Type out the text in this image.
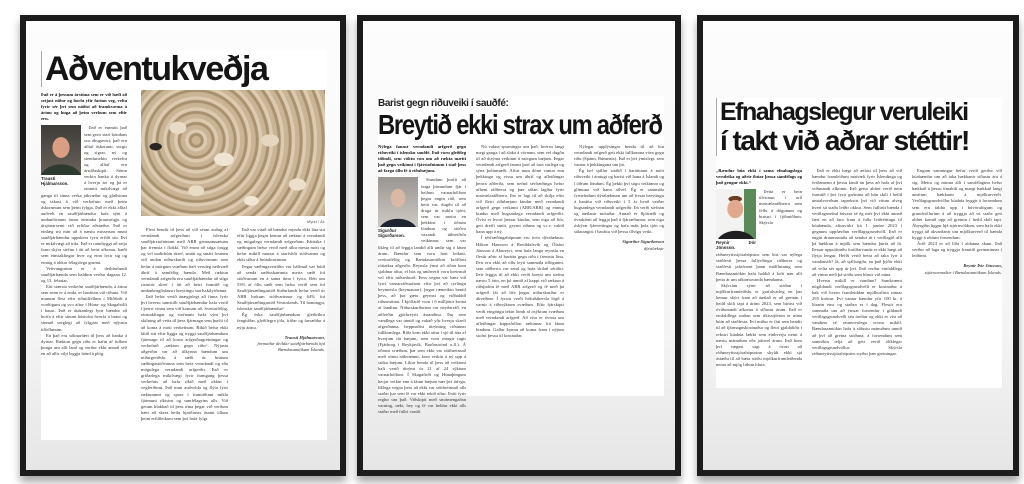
Aðventukveðja

Það er á þessum árstíma sem er við hæfi að setjast niður og horfa yfir farinn veg, velta fyrir sér því sem náðist að framkvæma á árinu og huga að þeim verkum sem eftir eru.

Trausti Hjálmarsson.

Það er einmitt það sem gerir starf bóndans svo áhugavert, það eru alltaf áskoranir, sorgir og sigrar, ný og síendurtekin verkefni og alltaf eru árstíðaskipti. Sömu verkin banka á dyrnar á hverju ári og þá er einmitt mikilvægt að ganga til sinna verka jákvæður og glaðsinna og takast á við verkefnin með þeim áskorunum sem þeim fylgja. Það er ekki alltaf auðvelt en sauðfjárbændur hafa sýnt á undanförnum árum einstaka þrautseigju og útsjónarsemi við erfiðar aðstæður. Það er einlæg trú mín að á næstu misserum muni sauðfjárbændur uppskera fyrir erfiði sitt. Því er mikilvægt að trúa. Það er raunhyggt að setja fram skýra stefnu í átt að betri afkomu, bæði sem einstaklingar hver og einn fyrir sig og einnig á okkar félagslega grunni.

Vettvangurinn er á deildarfundi sauðfjárbænda sem haldinn verður dagana 12. og 13. febrúar.

Eitt stærsta verkefni sauðfjárbænda, á árinu sem senn er á enda, er baráttan við riðuna. Við munum flest eftir riðutilfellum í Miðfirði á vordögum og svo aftur í Húna- og Skagahólfi í haust. Það er átakanlegt fyrir bændur að horfa á eftir sínum bústofni hverfa á braut og sinnuð sorglegt að fylgjast með nýjustu tilfellunum.

En það eru sóknarfæri til þess að banka á dyrnar. Ræktun gegn riðu er hafin af fullum þunga um allt land og verður ekki annað séð en að allir vilji leggja hönd á plóg.

Mynd / ÁL

Flest bendir til þess að við séum auðug af verndandi arfgerðum í íslenska sauðfjárstofninum með ARR genasamsætuna þar fremsta í flokki. Við erum að stíga örugg og vel undirbúin skref, smátt og smátt losnum við undan niðurskurði og riðuvörnum sem hefur á mörgum svæðum haft veruleg neikvæð áhrif á samfélög bænda. Með ræktun verndandi arfgerða eru sauðfjárbændur að stíga risastór skref í átt að betri framtíð og undanbragðalausri breytingu starfsskilyrðanna.

Það hefur verið ánægjulegt að finna fyrir því hversu samstillt sauðfjárbændur hafa verið í þeirri vinnu sem við komum að. Sveitarfélög, einstaklingar og stofnanir hafa sýnt því skilning að veita til þess fjármagn sem þurfti til að koma á móti verkefnum. Ríkið hefur ekki látið sitt eftir liggja og tryggt sauðfjárbændum fjármagn til að kosta arfgerðargreiningar og verkefnið „ræktun gegn riðu“. Nýjasta aðgerðin var að tilkynna bændum um niðurgreiðslu á sæði úr hrútum sæðingastöðvanna sem bera verndandi og eða mögulega verndandi arfgerðir. Það er gríðarlega mikilvægt fyrir framgang þessa verkefnis að hafa ríkið með okkur í vegferðinni. Það mun auðvelda og flýta fyrir ræktuninni og spara í framtíðinni mikla fjármuni ríkisins og samfélagsins alls. Við getum hlakkað til þess tíma þegar við verðum hætt að skera heilu hjarðirnar ásamt öllum þeim erfiðleikum sem því hafa fylgt.

Það var vitað að bændur myndu ekki láta sitt eftir liggja þegar kemur að ræktun á verndandi og mögulega verndandi arfgerðum. Þátttaka í sæðingum hefur verið með allra mesta móti og hefur mikill munur á starfsliði stöðvanna og ekki síður á hrútakostinum.

Þegar sæðingavertíðin var hálfnuð var búið að senda sæðisskammta meira sæði frá stöðvunum en á sama tíma í fyrra. Rétt um 53% af öllu sæði sem hefur verið sent frá Sauðfjársæðingastöð Suðurlands hefur verið úr ARR hrútum stöðvarinnar og 64% frá Sauðfjársæðingastöð Vesturlands. Til hamingju, íslenskir sauðfjárbændur!

Ég óska sauðfjárbændum gleðiríkra fengitíðar, gleðilegra jóla, friðar og farsældar á nýju árinu.

Trausti Hjálmarsson,
formaður deildar sauðfjárbænda hjá Bændasamtökum Íslands.

Barist gegn riðuveiki í sauðfé:
Breytið ekki strax um aðferð

Nýlega fannst verndandi arfgerð gegn riðuveiki í íslensku sauðfé. Það voru gleðileg tíðindi, sem vöktu von um að rækta mætti það gegn veikinni í fjárstofninum í stað þess að farga öllu fé á riðubæjum.

Sigurður Sigurðarson.

Stundum þurfti að farga þúsundum fjár í heilum varnarhólfum þegar engin ráð, sem beitt var, dugðu til að draga úr miklu tjóni, sem var meira en þekktist í öðrum löndum og stöðva vaxandi útbreiðslu veikinnar, sem var líkleg til að leggja landið allt undir sig á fáum árum. Bændur sem voru hart leiknir, sveitarfélög og Bændasamtökin kröfðust róttækra aðgerða. Reynsla ýmsi að riðan kom sjaldnar aftur, ef hús og umhverfi voru hreinsuð vel eftir niðurskurð. Þess vegna var hætt við fyrri varnarráðstafanir eftir því að cyrlingu heymeisla (heymaurar), þegar ræmeikin bentil þess, að þar gætu geymst og viðhaldið riðusmitinu. Í kjölfarið voru í 6 milljónir króna af landinu. Niðurskurðurinn var neyðarráð, en aðferðin gjörbreytti ástandinu. Þar sem vandlega var unnið og vakað yfir hverju skrefi afgerðanna, heppnaðist útrýming riðunnar fullkomlega. Riða kom ekki aftur í sjö til átta af hverjum tíu bæjum, sem voru margir tugir (Fjárborg í Reykjavík, Barðaströnd o.fl.). Á öðrum svæðum, þar sem ekki var sótthreinsað með sömu nákvæmni, kom veikin á ný upp á stöku bæjum. Líkur benda til þess að veikinni hafi verið útrýmt úr 21 af 24 sýktum varnarhólfum. Í Skagafirði og Húnaþingum herjar veikin enn á fáum bæjum nær því árlega, líklega vegna þess að ekki var sótthreinsað alls staðar þar sem fé var ekki tekið aftur. Þrátt fyrir reglur um það. Viðskipti með smitmengaðan varning, tæki, hey og fé var heldur ekki alls staðar með fullri varúð.

Nú vakna spurningar um það, hversu langt megi ganga í að slaka á vörnum, sem vel dugðu til að útrýma veikinni á mörgum bæjum. Þegar verndandi arfgerð fannst þarf að fara varlega og sýna þolinmæði. Aftur mun dómi vantar enn þekkingu og vissu um áhrif og afleiðingar þeirra aðferða, sem nefnd sérfræðinga hefur afhent ráðherra og þær síðan lagðar fyrir matvælaráðherra. Þar er lagt til að skilja eftir við fleiri riðubæjum kindur með verndandi arfgerð gegn veikinni (ARR/ARR) og einnig kindur með hugsanlega verndandi arfgerðir. Óvíst er hvort þessar kindur, sem eiga að lifa, geti dreift smiti, geymt riðuna og s.r.v. vakið hana upp á ný.

Í sérfræðingahópnum eru tveir dýralæknar, Hákon Hansson á Breiðdalsvík og Ólafur Jónsson á Akureyri, sem hafa langa reynslu en flestir aðrir af baráttu gegn riðu í fremstu línu. Þeir eru ekki að öllu leyti sammála tillögunni, sem ráðherra var send og hafa skilað séráliti. Þeir leggja til að ekki verði breytt um stefnu næstu 5 árin, en þó unnið af kappi við ræktun á riðuþolnu fé með ARR arfgerð og fé með þá arfgerð fái að lifa þegar niðurskurður er ákveðinn. Í fyrstu verði höfuðáhersla lögð á varnir á riðusýktum svæðum. Eftir fjárskipti verði eingöngu tekin lömb af ósýktum svæðum með verndandi arfgerð. Að vísu er óvissa um afleiðingar kappsfullrar ræktunar frá fáum kindum. Gallar kynnu að koma fram í nýjum stofni þessu til kostnaðar.

Nýlegar upplýsingar benda til að hin verndandi arfgerð geti ekki fullkomna vörn gegn riðu (Spánn, Rúmenía). Það er því ýmislegt, sem vantar á þekkinguna um þá.

Ég hef sjálfur staðið í baráttunni á móti riðuveiki í áratugi og barist við hana á Íslandi og í öðrum löndum. Ég þekki því sögu veikinnar og glímuna við hana allvel. Ég er sammála fyrnefndum dýralæknum um að fresta breytingu á baráttu við riðuveiki í 5 ár hvað varðar hugsanlega verndandi arfgerðir. Þá verði stefnan og áætlanir mótaðar. Annað er fljótræði og óvarkárni að leggja það á fjárræðurnar, sem eiga óskýrar fjárveitingar og hafa mátt þola tjón og sálarangist í baráttu við þessa illvígu veiki.

Sigurður Sigurðarson
dýralæknir

Efnahagslegur veruleiki
í takt við aðrar stéttir!

„Bændur búa ekki í sama efnahagslega veruleika og aðrir íbúar þessa samfélags og það gengur ekki.“

Reynir Þór Jónsson.

Þetta er bein tilvitnun í orð matvælaráðherra sem féllu á dögunum og birtust í fjölmiðlum. Skýrsla ráðuneytisstjórahópsins sem birt var nýlega staðfesti þessa fullyrðingu ráðherra og staðfesti jafnframt þann málflutning sem Bændasamtökin hafa haldið á lofti nær allt þetta ár um afkomuvanda bændanna.

Skýrslan sýnir að staðan í mjólkurframleiðslu er grafalvarleg en þar kemur skýrt fram að áætlað er að greinin í heild skili tapi á árinu 2023, sem birtist við óviðunandi afkomu á síðustu árum. Það er einfaldlega staðan sem ríkisstjórnin er núna búin að staðfesta. Því miður er fátt sem bendir til að fjármagnskostnaður og fleiri gjaldaliðir í rekstri kúabúa lækki sem einhverju nemi á næstu mánuðum eða jafnvel árum. Það kom því vægast sagt á óvart að ráðuneytisstjórahópurinn skyldi ekki sjá ástæðu til að bæta stöðu mjólkurframleiðenda nema að mjög litlum hluta.

Það er ekki hægt að ætlast til þess að við bændur framleiðum matvæli fyrir Íslendinga og ferðamenn á þessu landi án þess að hafa af því viðunandi afkomu. Það getur aldrei verið nein framtíð í því fyrir greinina að hún skili í heild umtalsverðum taprekstri því við vitum alveg hvert sú staða leiðir okkur. Sem fulltrúi bænda í verðlagsnefnd búvara sé ég mér því ekki annað fært en að fara fram á fulla leiðréttingu til kúabænda, afturvirkt frá 1. janúar 2023 í gegnum uppfærðan verðlagsgrundvöll. Það er engin draumastaða að sendur út í verðlagið allt þá hækkun á mjólk sem bændur þurfa að fá. Þessar uppsöfnuðu fortíðarvanda er ekki hægt að flytja lengur. Hefði verið betra að taka fyrr á vandamáli? Já, að sjálfsögðu, en það þýðir ekki að velta sér upp úr því. Það verður einfaldlega að vinna með þá stöðu sem blasir við núna.

Hversu mikill er vandinn? Samkvæmt núgildandi verðlagsgrundvelli er kostnaður á bak við hvern framleiddan mjólkurlítra rúmar 295 krónur. Þvi vantar bændur yfir 100 kr. á lítrann eins og staðan er í dag. Flestir eru sammála um að ýmsar forsendur í gildandi verðlagsgrundvelli séu úreltar og ekki er víst að vandinn sé raunverulega svona mikill. Bændasamtökin hafa á síðustu mánuðum unnið að því að greina stöðuna, á forsendum sem samtökin telja að geti verið ólíklegar verðlagsgrundvöllur. Skýrsla ráðuneytisstjórahópsins styður þær greiningar.

Enginn samningur hefur verið gerður við kúabændur um að taka hækkanir síðustu ára á sig. Meira og minna allt í samfélaginu hefur hækkað á þessu tímabili og margt hækkað langt umfram hækkanir á mjólkurverði. Verðlagsgrundvöllur kúabúa byggir á forsendum sem eru taldar upp í búvörulögum og grundvöllurinn á að tryggja að sú staða geti aldrei komið upp að greinin í heild skili tapi. Ábyrgðin liggur hjá stjórnvöldum, sem hafa ekki tryggt að ákvarðanir um mjólkurverð til bænda byggi á réttum forsendum.

Árið 2023 er að líða í aldanna skaut. Það verður að laga og tryggja framtíð greinarinnar í leiðinni.

Reynir Þór Jónsson,
stjórnarmaður í Bændasamtökum Íslands.
